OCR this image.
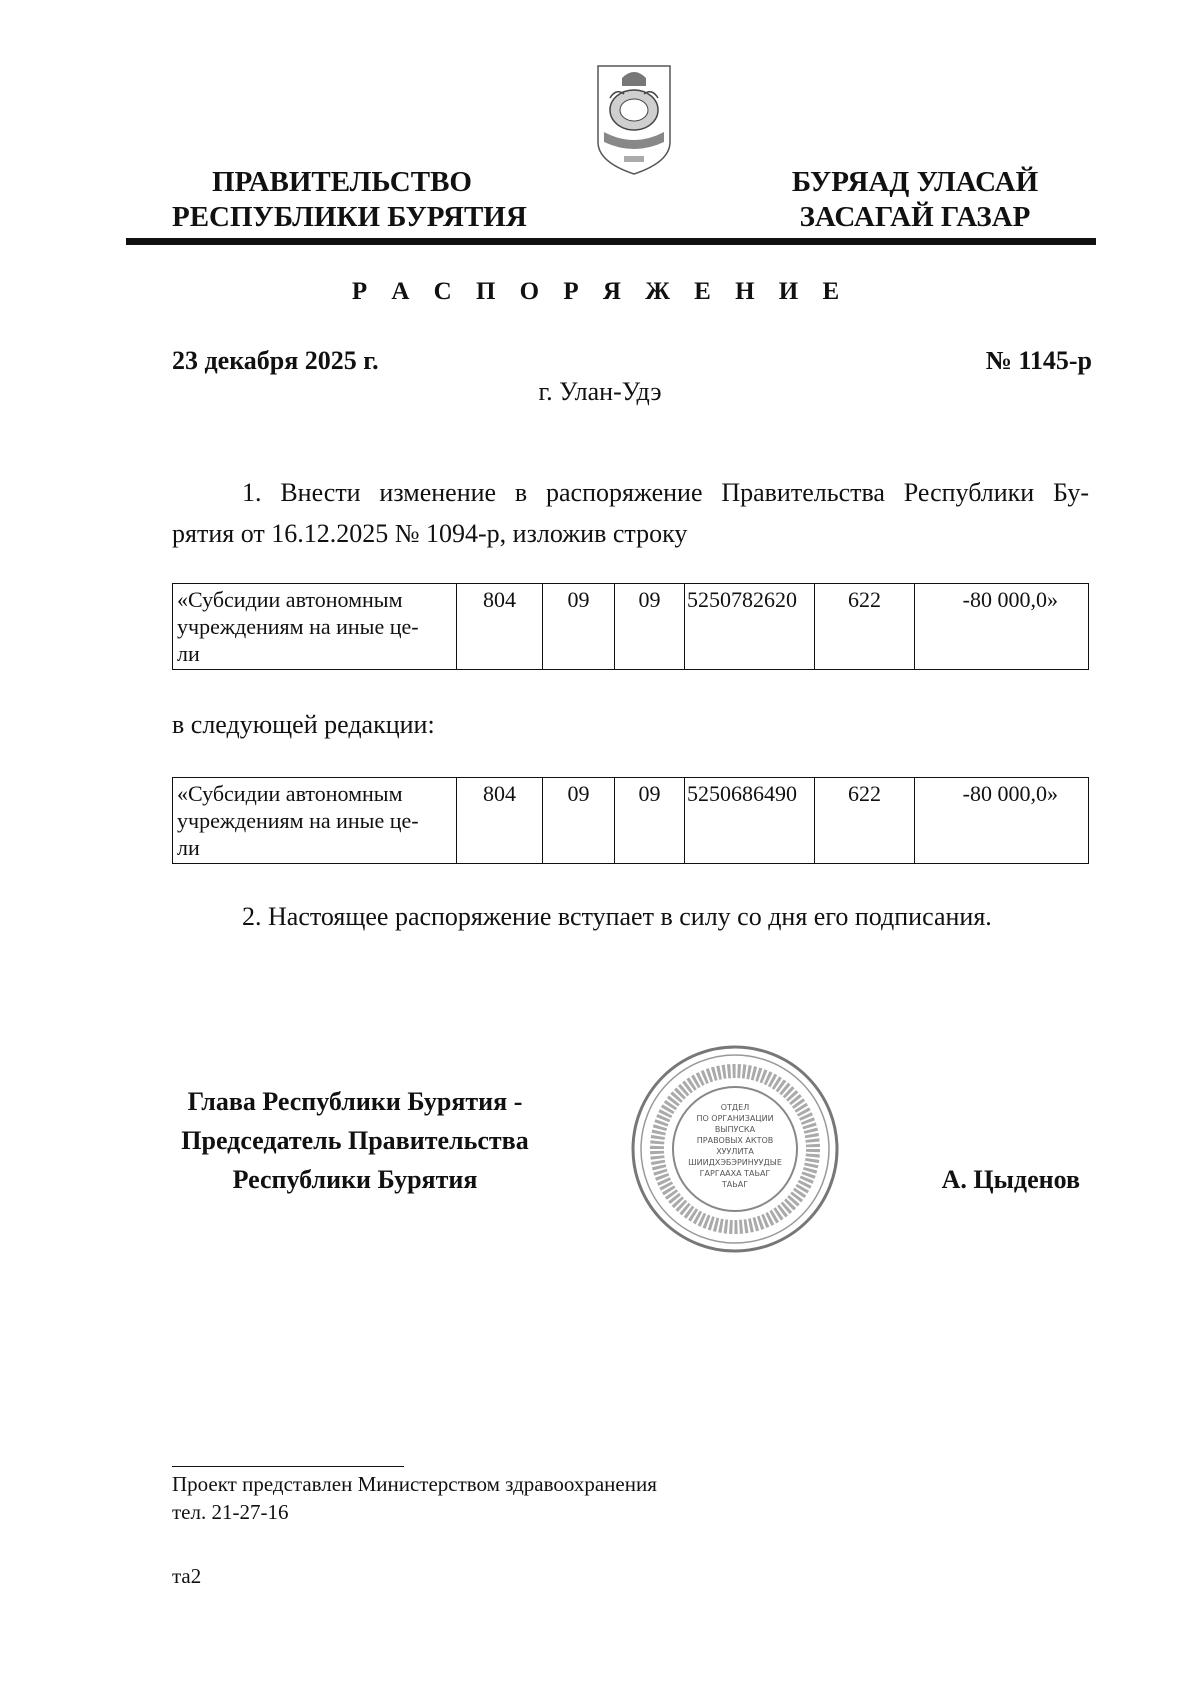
ПРАВИТЕЛЬСТВО
РЕСПУБЛИКИ БУРЯТИЯ
БУРЯАД УЛАСАЙ
ЗАСАГАЙ ГАЗАР
Р А С П О Р Я Ж Е Н И Е
23 декабря 2025 г.	№ 1145-р
г. Улан-Удэ
1. Внести изменение в распоряжение Правительства Республики Бу-
рятия от 16.12.2025 № 1094-р, изложив строку
«Субсидии автономным
учреждениям на иные це-
ли
	804	09	09	5250782620	622	-80 000,0»
в следующей редакции:
«Субсидии автономным
учреждениям на иные це-
ли
	804	09	09	5250686490	622	-80 000,0»
2. Настоящее распоряжение вступает в силу со дня его подписания.
Глава Республики Бурятия -
Председатель Правительства
Республики Бурятия
ОТДЕЛ
ПО ОРГАНИЗАЦИИ
ВЫПУСКА
ПРАВОВЫХ АКТОВ
ХУУЛИТА
ШИИДХЭБЭРИНУУДЫЕ
ГАРГААХА ТАЬАГ
ТАЬАГ	А. Цыденов
Проект представлен Министерством здравоохранения
тел. 21-27-16
та2
